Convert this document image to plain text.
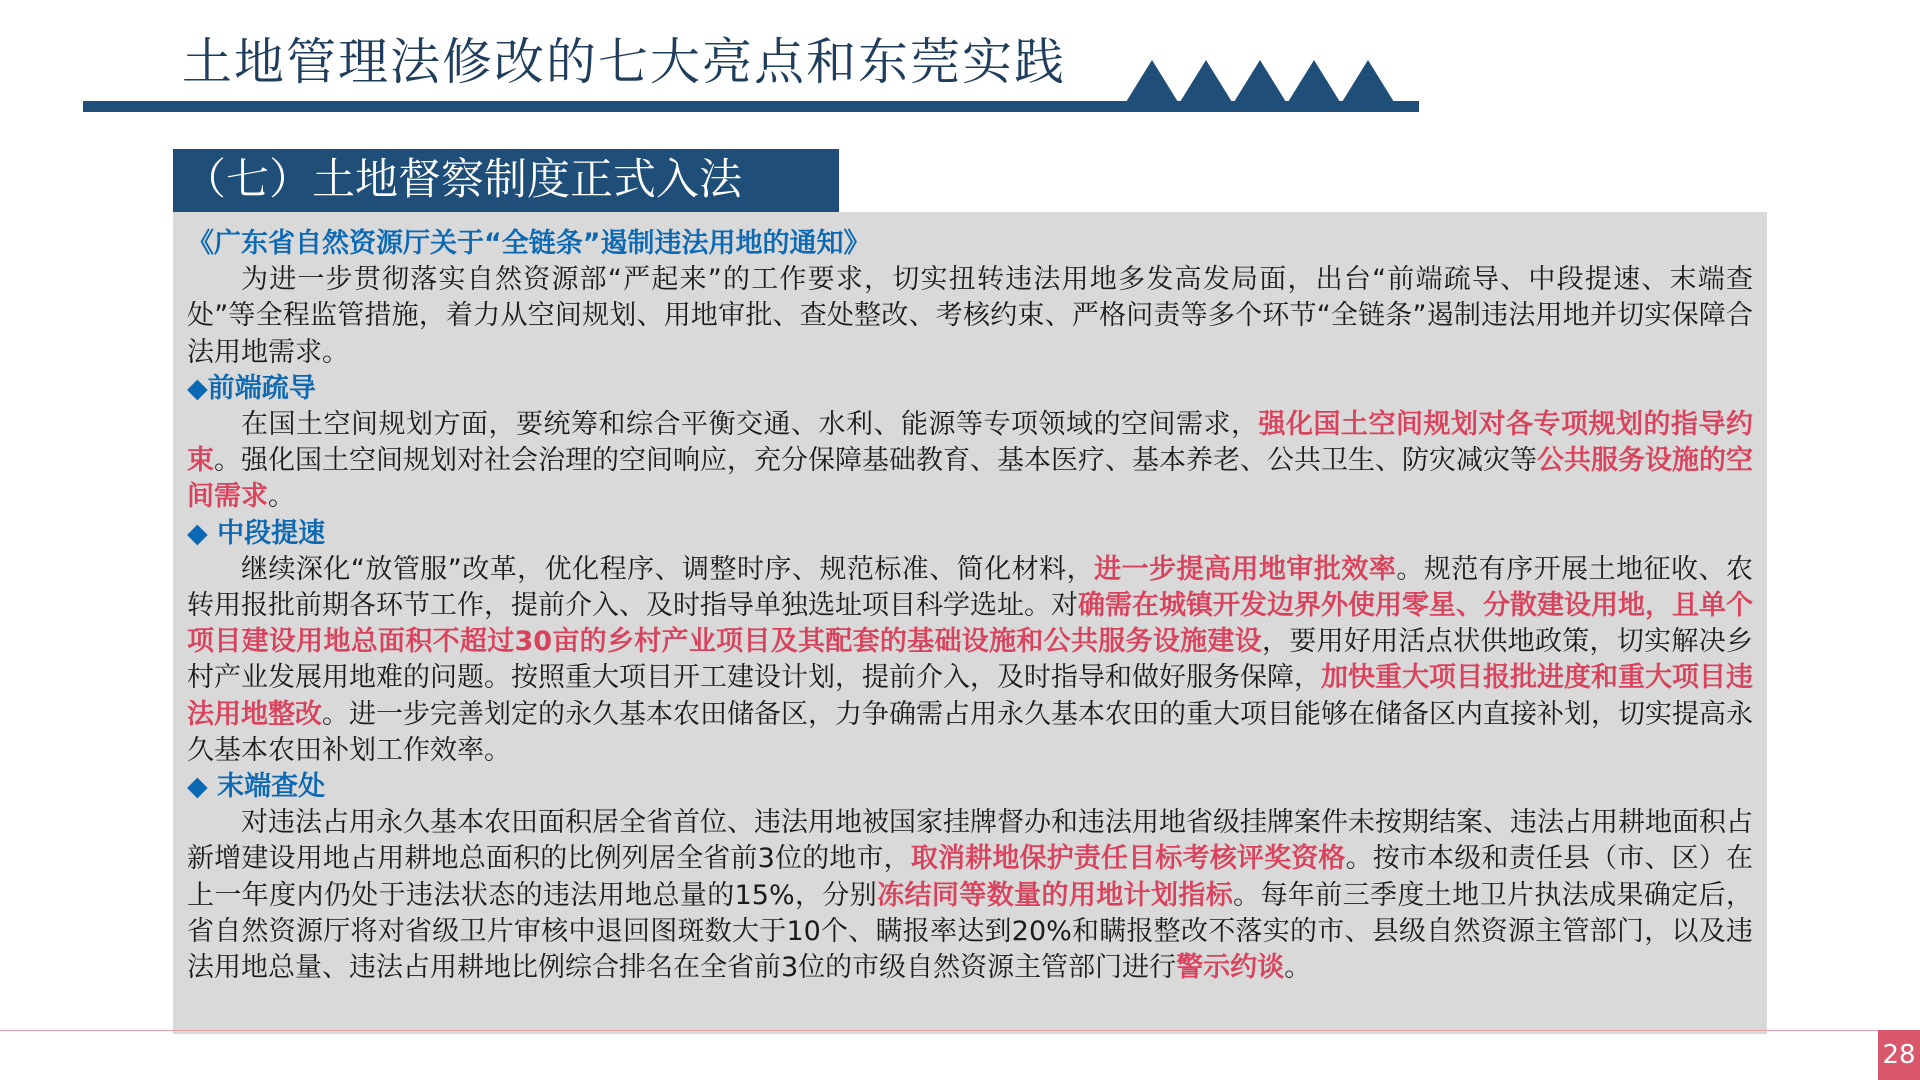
土地管理法修改的七大亮点和东莞实践
（七）土地督察制度正式入法

《广东省自然资源厅关于“全链条”遏制违法用地的通知》

为进一步贯彻落实自然资源部“严起来”的工作要求，切实扭转违法用地多发高发局面，出台“前端疏导、中段提速、末端查处”等全程监管措施，着力从空间规划、用地审批、查处整改、考核约束、严格问责等多个环节“全链条”遏制违法用地并切实保障合法用地需求。

◆前端疏导

在国土空间规划方面，要统筹和综合平衡交通、水利、能源等专项领域的空间需求，强化国土空间规划对各专项规划的指导约束。强化国土空间规划对社会治理的空间响应，充分保障基础教育、基本医疗、基本养老、公共卫生、防灾减灾等公共服务设施的空间需求。

◆ 中段提速

继续深化“放管服”改革，优化程序、调整时序、规范标准、简化材料，进一步提高用地审批效率。规范有序开展土地征收、农转用报批前期各环节工作，提前介入、及时指导单独选址项目科学选址。对确需在城镇开发边界外使用零星、分散建设用地，且单个项目建设用地总面积不超过30亩的乡村产业项目及其配套的基础设施和公共服务设施建设，要用好用活点状供地政策，切实解决乡村产业发展用地难的问题。按照重大项目开工建设计划，提前介入，及时指导和做好服务保障，加快重大项目报批进度和重大项目违法用地整改。进一步完善划定的永久基本农田储备区，力争确需占用永久基本农田的重大项目能够在储备区内直接补划，切实提高永久基本农田补划工作效率。

◆ 末端查处

对违法占用永久基本农田面积居全省首位、违法用地被国家挂牌督办和违法用地省级挂牌案件未按期结案、违法占用耕地面积占新增建设用地占用耕地总面积的比例列居全省前3位的地市，取消耕地保护责任目标考核评奖资格。按市本级和责任县（市、区）在上一年度内仍处于违法状态的违法用地总量的15%，分别冻结同等数量的用地计划指标。每年前三季度土地卫片执法成果确定后，省自然资源厅将对省级卫片审核中退回图斑数大于10个、瞒报率达到20%和瞒报整改不落实的市、县级自然资源主管部门，以及违法用地总量、违法占用耕地比例综合排名在全省前3位的市级自然资源主管部门进行警示约谈。

28
